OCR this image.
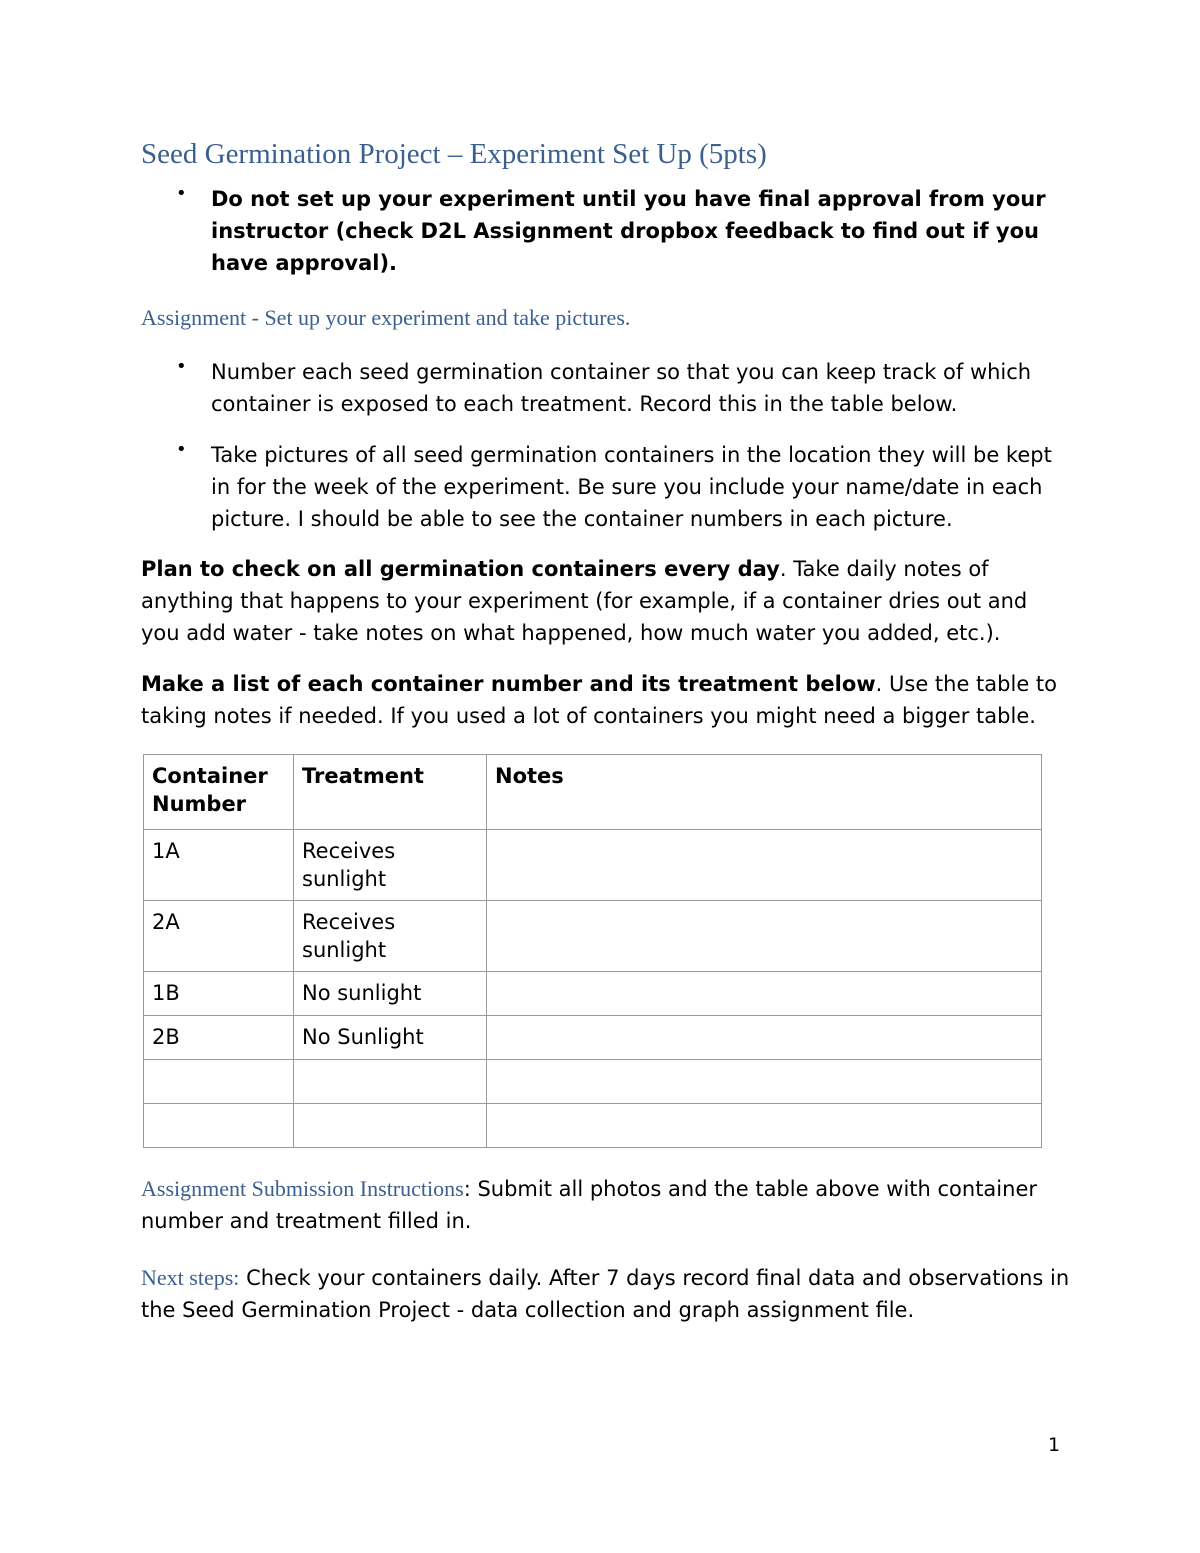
Seed Germination Project – Experiment Set Up (5pts)
• Do not set up your experiment until you have final approval from your instructor (check D2L Assignment dropbox feedback to find out if you have approval).
Assignment - Set up your experiment and take pictures.
• Number each seed germination container so that you can keep track of which container is exposed to each treatment. Record this in the table below.
• Take pictures of all seed germination containers in the location they will be kept in for the week of the experiment. Be sure you include your name/date in each picture. I should be able to see the container numbers in each picture.
Plan to check on all germination containers every day. Take daily notes of anything that happens to your experiment (for example, if a container dries out and you add water - take notes on what happened, how much water you added, etc.).
Make a list of each container number and its treatment below. Use the table to taking notes if needed. If you used a lot of containers you might need a bigger table.
Container Number	Treatment	Notes
1A	Receives sunlight	
2A	Receives sunlight	
1B	No sunlight	
2B	No Sunlight	

Assignment Submission Instructions: Submit all photos and the table above with container number and treatment filled in.
Next steps: Check your containers daily. After 7 days record final data and observations in the Seed Germination Project - data collection and graph assignment file.
1
